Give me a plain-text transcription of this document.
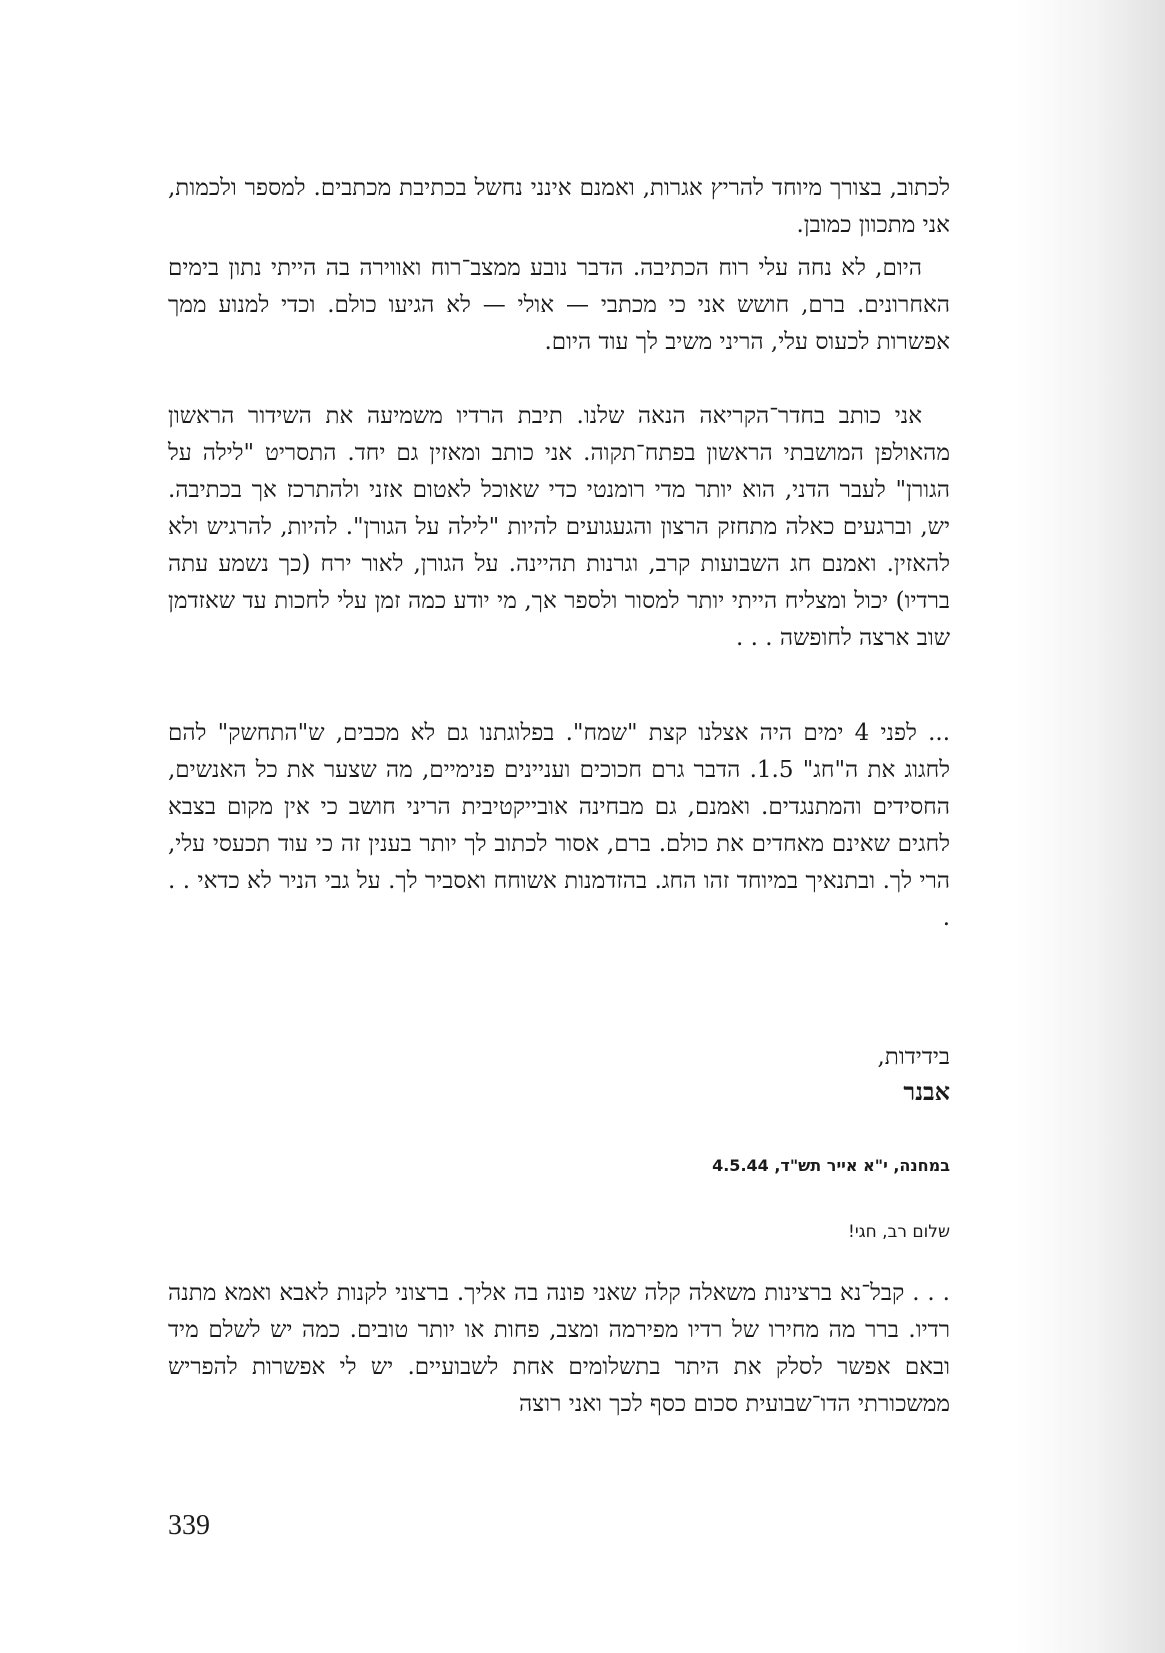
לכתוב, בצורך מיוחד להריץ אגרות, ואמנם אינני נחשל בכתיבת מכתבים. למספר ולכמות, אני מתכוון כמובן.

היום, לא נחה עלי רוח הכתיבה. הדבר נובע ממצב־רוח ואווירה בה הייתי נתון בימים האחרונים. ברם, חושש אני כי מכתבי — אולי — לא הגיעו כולם. וכדי למנוע ממך אפשרות לכעוס עלי, הריני משיב לך עוד היום.

אני כותב בחדר־הקריאה הנאה שלנו. תיבת הרדיו משמיעה את השידור הראשון מהאולפן המושבתי הראשון בפתח־תקוה. אני כותב ומאזין גם יחד. התסריט "לילה על הגורן" לעבר הדני, הוא יותר מדי רומנטי כדי שאוכל לאטום אזני ולהתרכז אך בכתיבה. יש, וברגעים כאלה מתחזק הרצון והגעגועים להיות "לילה על הגורן". להיות, להרגיש ולא להאזין. ואמנם חג השבועות קרב, וגרנות תהיינה. על הגורן, לאור ירח (כך נשמע עתה ברדיו) יכול ומצליח הייתי יותר למסור ולספר אך, מי יודע כמה זמן עלי לחכות עד שאזדמן שוב ארצה לחופשה . . .

... לפני 4 ימים היה אצלנו קצת "שמח". בפלוגתנו גם לא מכבים, ש"התחשק" להם לחגוג את ה"חג" 1.5. הדבר גרם חכוכים ועניינים פנימיים, מה שצער את כל האנשים, החסידים והמתנגדים. ואמנם, גם מבחינה אובייקטיבית הריני חושב כי אין מקום בצבא לחגים שאינם מאחדים את כולם. ברם, אסור לכתוב לך יותר בענין זה כי עוד תכעסי עלי, הרי לך. ובתנאיך במיוחד זהו החג. בהזדמנות אשוחח ואסביר לך. על גבי הניר לא כדאי . . .

בידידות,
אבנר
במחנה, י"א אייר תש"ד, 4.5.44
שלום רב, חגי!

. . . קבל־נא ברצינות משאלה קלה שאני פונה בה אליך. ברצוני לקנות לאבא ואמא מתנה רדיו. ברר מה מחירו של רדיו מפירמה ומצב, פחות או יותר טובים. כמה יש לשלם מיד ובאם אפשר לסלק את היתר בתשלומים אחת לשבועיים. יש לי אפשרות להפריש ממשכורתי הדו־שבועית סכום כסף לכך ואני רוצה

339
